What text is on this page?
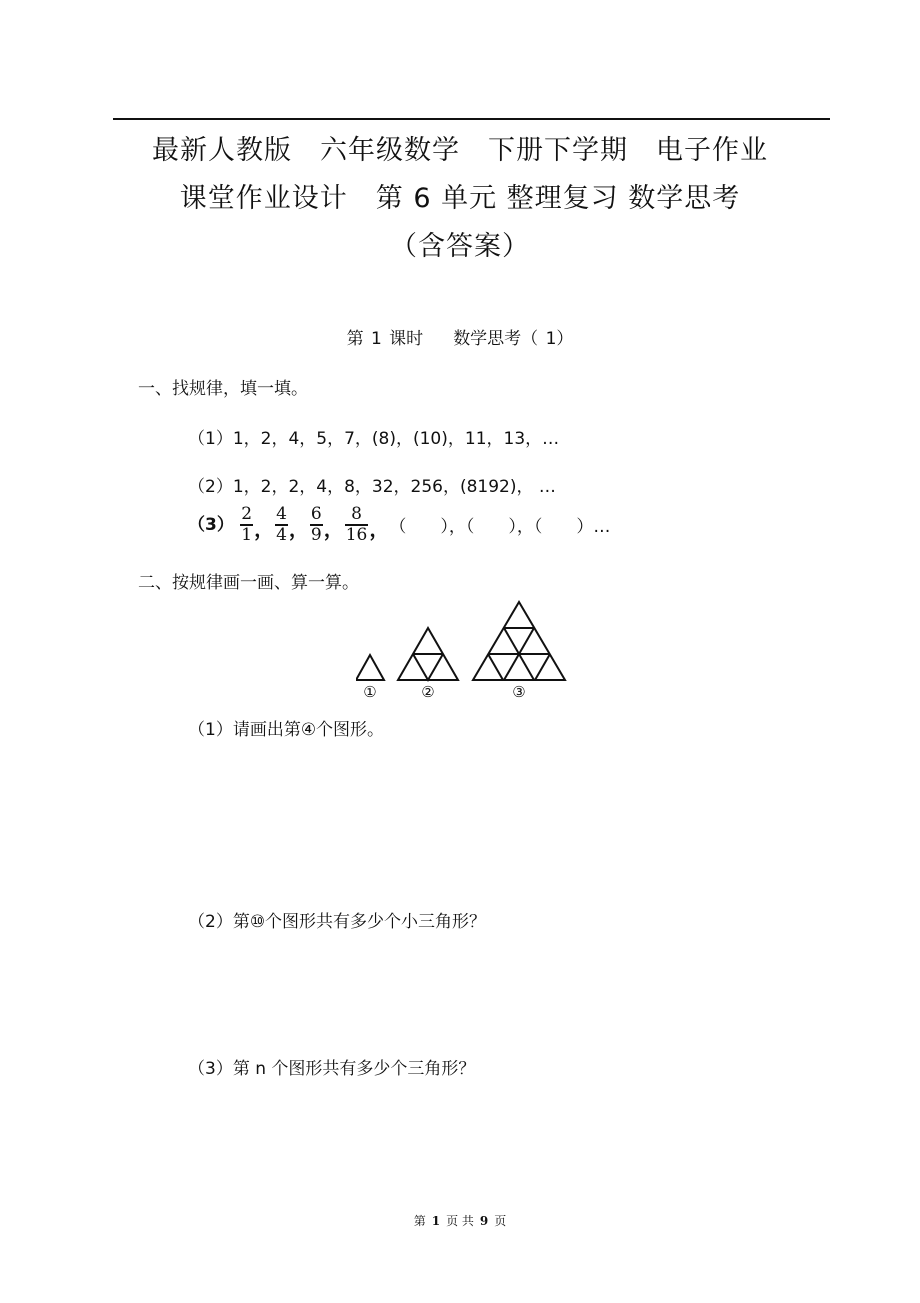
最新人教版　六年级数学　下册下学期　电子作业
课堂作业设计　第 6 单元 整理复习 数学思考
（含答案）
第 1 课时 数学思考（ 1）
一、找规律，填一填。
（1）1，2，4，5，7，(8)，(10)，11，13，…
（2）1，2，2，4，8，32，256，(8192)， …
$(3) \frac{2}{1}$ ， $\frac{4}{4}$ ， $\frac{6}{9}$ ， $\frac{8}{16}$ ，（　　），（　　），（　　）…
二、按规律画一画、算一算。
①	②	③
（1）请画出第④个图形。
（2）第⑩个图形共有多少个小三角形？
（3）第 n 个图形共有多少个三角形？
第 1 页 共 9 页
